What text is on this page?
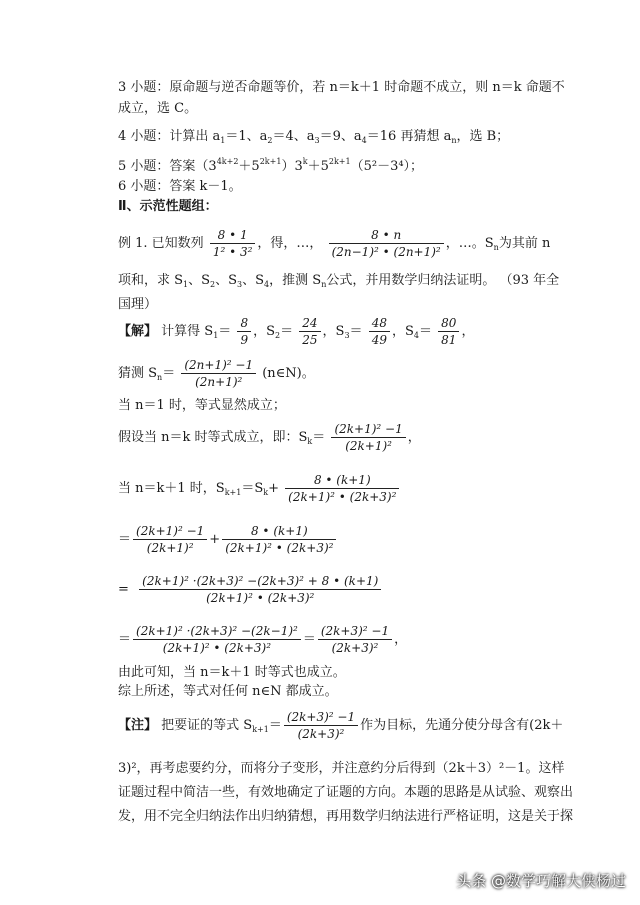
3 小题：原命题与逆否命题等价，若 n＝k＋1 时命题不成立，则 n＝k 命题不
成立，选 C。
4 小题：计算出 $a_1=1$、$a_2=4$、$a_3=9$、$a_4=16$ 再猜想 $a_n$，选 B；
5 小题：答案$(3^{4k+2}+5^{2k+1})3^k+5^{2k+1}(5^2-3^4)$；
6 小题：答案 k－1。
Ⅱ、示范性题组：
例 1. 已知数列 $\frac{8 • 1}{\text{1² • 3²}}$ ，得，…， $\frac{8 • n}{\text{(2n−1)² • (2n+1)²}}$ ，…。$S_n$为其前 n
项和，求 $S_1$、$S_2$、$S_3$、$S_4$，推测 $S_n$公式，并用数学归纳法证明。 （93 年全
国理）
【解】 计算得 $S_1= \frac{8}{9}$ ，$S_2= \frac{24}{25}$ ，$S_3= \frac{48}{49}$ ，$S_4= \frac{80}{81}$ ，
猜测 $S_n= \frac{\text{(2n+1)² −1}}{\text{(2n+1)²}}$ (n∈N)。
当 n＝1 时，等式显然成立；
假设当 n＝k 时等式成立，即：$S_k= \frac{\text{(2k+1)² −1}}{\text{(2k+1)²}}$ ，
当 n＝k＋1 时，$S_{k+1}=S_k+ \frac{8 • (k+1)}{\text{(2k+1)² • (2k+3)²}}$
＝ $\frac{\text{(2k+1)² −1}}{\text{(2k+1)²}} + \frac{8 • (k+1)}{\text{(2k+1)² • (2k+3)²}}$
= $\frac{\text{(2k+1)² ·(2k+3)² −(2k+3)² + 8 • (k+1)}}{\text{(2k+1)² • (2k+3)²}}$
＝ $\frac{\text{(2k+1)² ·(2k+3)² −(2k−1)²}}{\text{(2k+1)² • (2k+3)²}} = \frac{\text{(2k+3)² −1}}{\text{(2k+3)²}}$ ，
由此可知，当 n＝k＋1 时等式也成立。
综上所述，等式对任何 n∈N 都成立。
【注】 把要证的等式 $S_{k+1}= \frac{\text{(2k+3)² −1}}{\text{(2k+3)²}}$ 作为目标，先通分使分母含有(2k＋
3)²，再考虑要约分，而将分子变形，并注意约分后得到（2k＋3）²－1。这样
证题过程中简洁一些，有效地确定了证题的方向。本题的思路是从试验、观察出
发，用不完全归纳法作出归纳猜想，再用数学归纳法进行严格证明，这是关于探
头条 @数学巧解大侠杨过
